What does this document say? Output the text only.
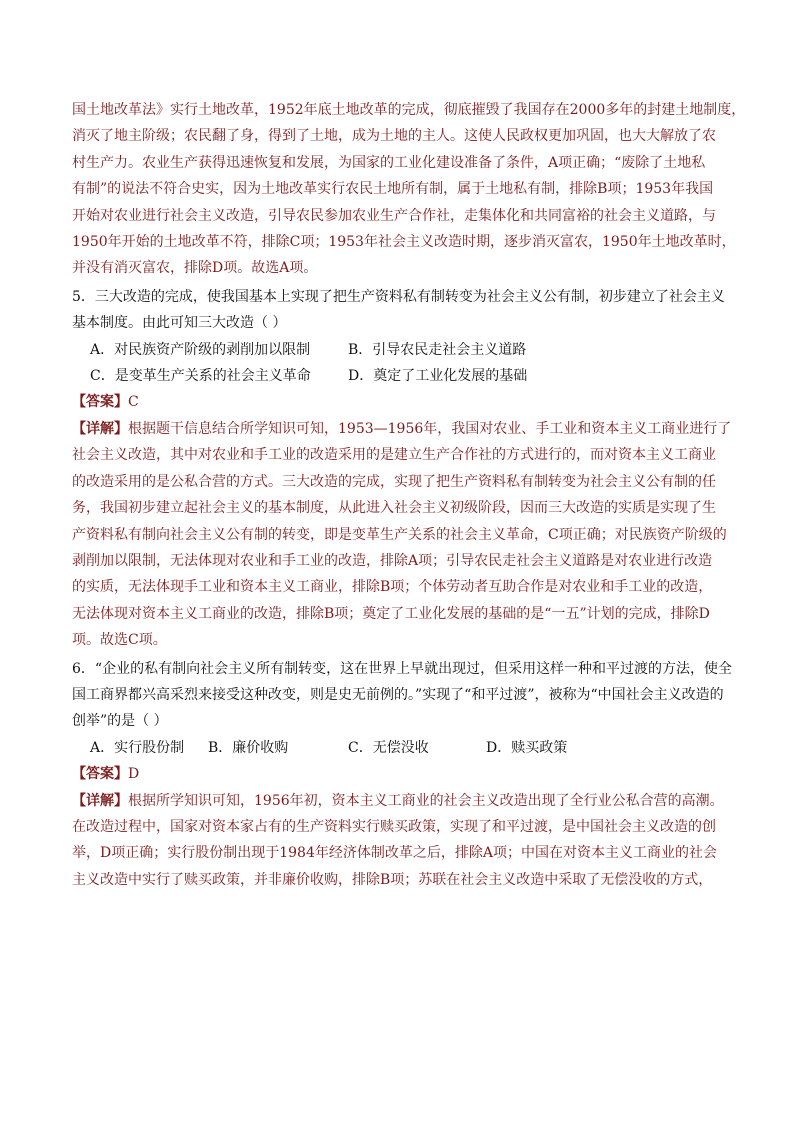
国土地改革法》实行土地改革，1952年底土地改革的完成，彻底摧毁了我国存在2000多年的封建土地制度，

消灭了地主阶级；农民翻了身，得到了土地，成为土地的主人。这使人民政权更加巩固，也大大解放了农

村生产力。农业生产获得迅速恢复和发展，为国家的工业化建设准备了条件，A项正确；“废除了土地私

有制”的说法不符合史实，因为土地改革实行农民土地所有制，属于土地私有制，排除B项；1953年我国

开始对农业进行社会主义改造，引导农民参加农业生产合作社，走集体化和共同富裕的社会主义道路，与

1950年开始的土地改革不符，排除C项；1953年社会主义改造时期，逐步消灭富农，1950年土地改革时，

并没有消灭富农，排除D项。故选A项。

5．三大改造的完成，使我国基本上实现了把生产资料私有制转变为社会主义公有制，初步建立了社会主义

基本制度。由此可知三大改造（ ）

A．对民族资产阶级的剥削加以限制	B．引导农民走社会主义道路

C．是变革生产关系的社会主义革命	D．奠定了工业化发展的基础

【答案】C

【详解】根据题干信息结合所学知识可知，1953—1956年，我国对农业、手工业和资本主义工商业进行了

社会主义改造，其中对农业和手工业的改造采用的是建立生产合作社的方式进行的，而对资本主义工商业

的改造采用的是公私合营的方式。三大改造的完成，实现了把生产资料私有制转变为社会主义公有制的任

务，我国初步建立起社会主义的基本制度，从此进入社会主义初级阶段，因而三大改造的实质是实现了生

产资料私有制向社会主义公有制的转变，即是变革生产关系的社会主义革命，C项正确；对民族资产阶级的

剥削加以限制，无法体现对农业和手工业的改造，排除A项；引导农民走社会主义道路是对农业进行改造

的实质，无法体现手工业和资本主义工商业，排除B项；个体劳动者互助合作是对农业和手工业的改造，

无法体现对资本主义工商业的改造，排除B项；奠定了工业化发展的基础的是“一五”计划的完成，排除D

项。故选C项。

6．“企业的私有制向社会主义所有制转变，这在世界上早就出现过，但采用这样一种和平过渡的方法，使全

国工商界都兴高采烈来接受这种改变，则是史无前例的。”实现了“和平过渡”，被称为“中国社会主义改造的

创举”的是（ ）

A．实行股份制	B．廉价收购	C．无偿没收	D．赎买政策

【答案】D

【详解】根据所学知识可知，1956年初，资本主义工商业的社会主义改造出现了全行业公私合营的高潮。

在改造过程中，国家对资本家占有的生产资料实行赎买政策，实现了和平过渡，是中国社会主义改造的创

举，D项正确；实行股份制出现于1984年经济体制改革之后，排除A项；中国在对资本主义工商业的社会

主义改造中实行了赎买政策，并非廉价收购，排除B项；苏联在社会主义改造中采取了无偿没收的方式，
